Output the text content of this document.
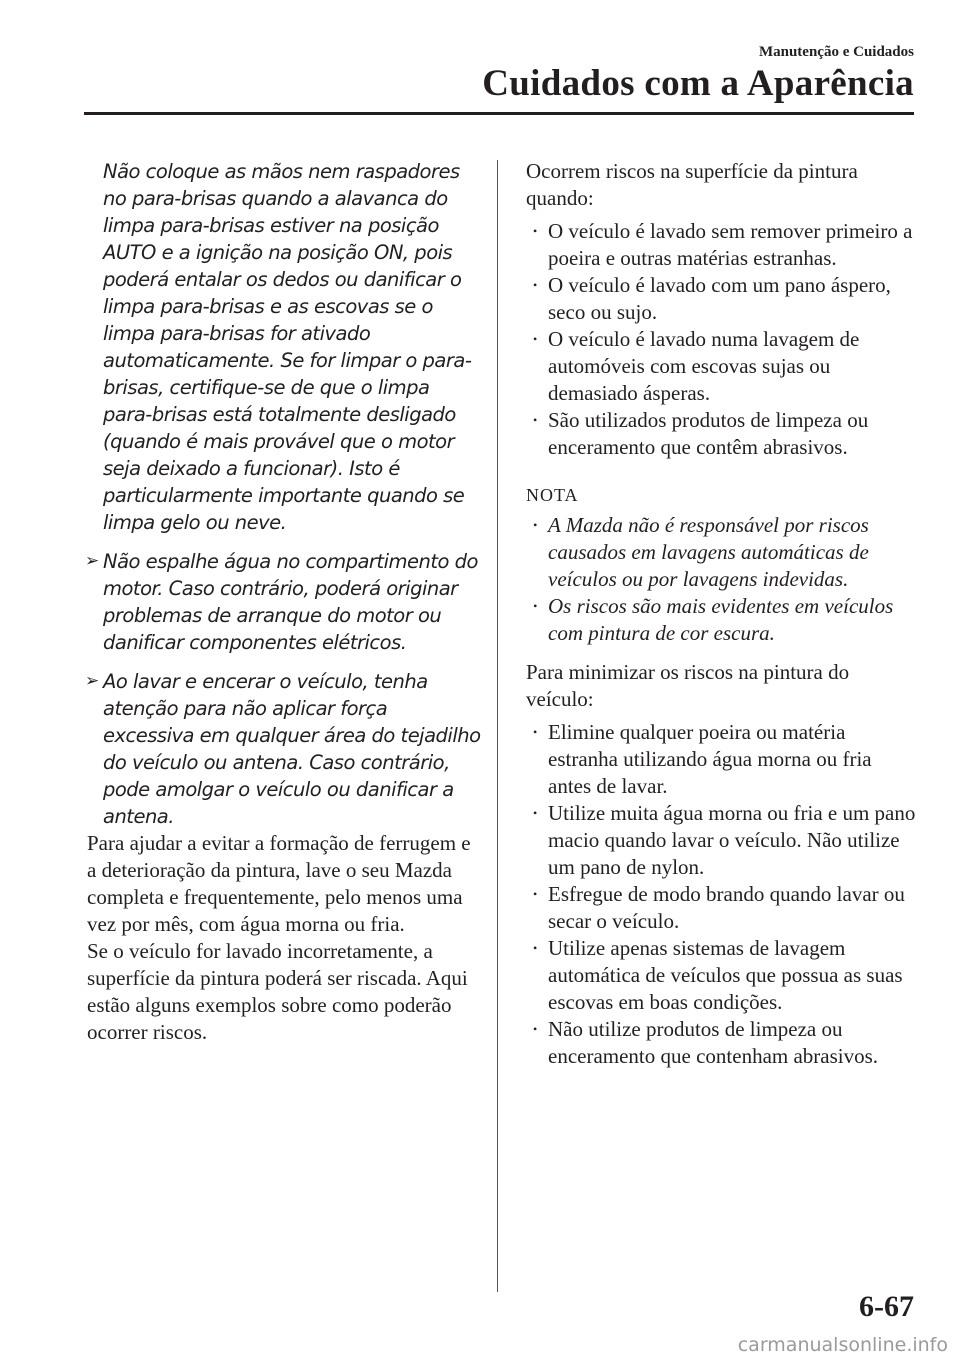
Manutenção e Cuidados
Cuidados com a Aparência

Não coloque as mãos nem raspadores no para-brisas quando a alavanca do limpa para-brisas estiver na posição AUTO e a ignição na posição ON, pois poderá entalar os dedos ou danificar o limpa para-brisas e as escovas se o limpa para-brisas for ativado automaticamente. Se for limpar o para-brisas, certifique-se de que o limpa para-brisas está totalmente desligado (quando é mais provável que o motor seja deixado a funcionar). Isto é particularmente importante quando se limpa gelo ou neve.

➢ Não espalhe água no compartimento do motor. Caso contrário, poderá originar problemas de arranque do motor ou danificar componentes elétricos.
➢ Ao lavar e encerar o veículo, tenha atenção para não aplicar força excessiva em qualquer área do tejadilho do veículo ou antena. Caso contrário, pode amolgar o veículo ou danificar a antena.

Para ajudar a evitar a formação de ferrugem e a deterioração da pintura, lave o seu Mazda completa e frequentemente, pelo menos uma vez por mês, com água morna ou fria.

Se o veículo for lavado incorretamente, a superfície da pintura poderá ser riscada. Aqui estão alguns exemplos sobre como poderão ocorrer riscos.

Ocorrem riscos na superfície da pintura quando:

• O veículo é lavado sem remover primeiro a poeira e outras matérias estranhas.
• O veículo é lavado com um pano áspero, seco ou sujo.
• O veículo é lavado numa lavagem de automóveis com escovas sujas ou demasiado ásperas.
• São utilizados produtos de limpeza ou enceramento que contêm abrasivos.
NOTA
• A Mazda não é responsável por riscos causados em lavagens automáticas de veículos ou por lavagens indevidas.
• Os riscos são mais evidentes em veículos com pintura de cor escura.

Para minimizar os riscos na pintura do veículo:

• Elimine qualquer poeira ou matéria estranha utilizando água morna ou fria antes de lavar.
• Utilize muita água morna ou fria e um pano macio quando lavar o veículo. Não utilize um pano de nylon.
• Esfregue de modo brando quando lavar ou secar o veículo.
• Utilize apenas sistemas de lavagem automática de veículos que possua as suas escovas em boas condições.
• Não utilize produtos de limpeza ou enceramento que contenham abrasivos.
6-67
carmanualsonline.info
